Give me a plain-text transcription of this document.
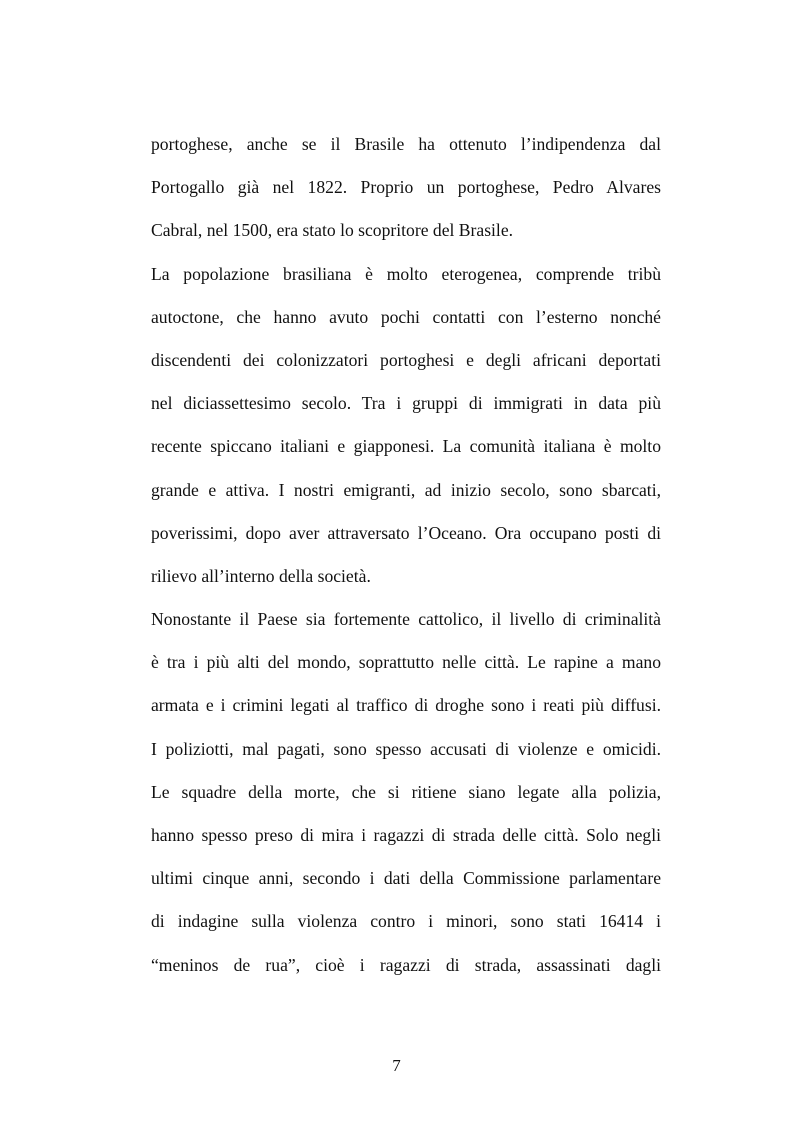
portoghese, anche se il Brasile ha ottenuto l’indipendenza dal
Portogallo già nel 1822. Proprio un portoghese, Pedro Alvares
Cabral, nel 1500, era stato lo scopritore del Brasile.
La popolazione brasiliana è molto eterogenea, comprende tribù
autoctone, che hanno avuto pochi contatti con l’esterno nonché
discendenti dei colonizzatori portoghesi e degli africani deportati
nel diciassettesimo secolo. Tra i gruppi di immigrati in data più
recente spiccano italiani e giapponesi. La comunità italiana è molto
grande e attiva. I nostri emigranti, ad inizio secolo, sono sbarcati,
poverissimi, dopo aver attraversato l’Oceano. Ora occupano posti di
rilievo all’interno della società.
Nonostante il Paese sia fortemente cattolico, il livello di criminalità
è tra i più alti del mondo, soprattutto nelle città. Le rapine a mano
armata e i crimini legati al traffico di droghe sono i reati più diffusi.
I poliziotti, mal pagati, sono spesso accusati di violenze e omicidi.
Le squadre della morte, che si ritiene siano legate alla polizia,
hanno spesso preso di mira i ragazzi di strada delle città. Solo negli
ultimi cinque anni, secondo i dati della Commissione parlamentare
di indagine sulla violenza contro i minori, sono stati 16414 i
“meninos de rua”, cioè i ragazzi di strada, assassinati dagli
7
